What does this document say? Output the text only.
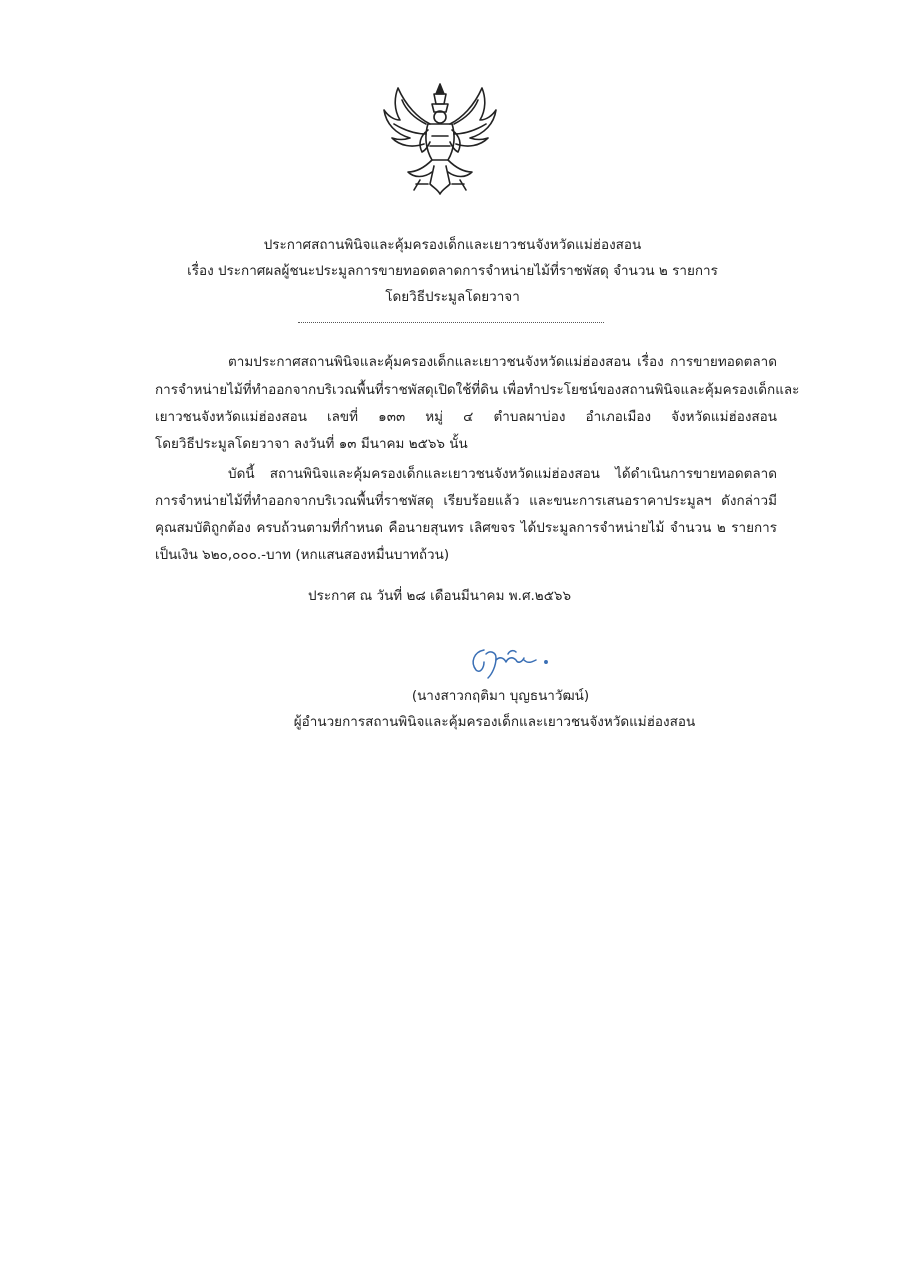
ประกาศสถานพินิจและคุ้มครองเด็กและเยาวชนจังหวัดแม่ฮ่องสอน
เรื่อง ประกาศผลผู้ชนะประมูลการขายทอดตลาดการจำหน่ายไม้ที่ราชพัสดุ จำนวน ๒ รายการ
โดยวิธีประมูลโดยวาจา
ตามประกาศสถานพินิจและคุ้มครองเด็กและเยาวชนจังหวัดแม่ฮ่องสอน เรื่อง การขายทอดตลาด
การจำหน่ายไม้ที่ทำออกจากบริเวณพื้นที่ราชพัสดุเปิดใช้ที่ดิน เพื่อทำประโยชน์ของสถานพินิจและคุ้มครองเด็กและ
เยาวชนจังหวัดแม่ฮ่องสอน เลขที่ ๑๓๓ หมู่ ๔ ตำบลผาบ่อง อำเภอเมือง จังหวัดแม่ฮ่องสอน
โดยวิธีประมูลโดยวาจา ลงวันที่ ๑๓ มีนาคม ๒๕๖๖ นั้น
บัดนี้ สถานพินิจและคุ้มครองเด็กและเยาวชนจังหวัดแม่ฮ่องสอน ได้ดำเนินการขายทอดตลาด
การจำหน่ายไม้ที่ทำออกจากบริเวณพื้นที่ราชพัสดุ เรียบร้อยแล้ว และขนะการเสนอราคาประมูลฯ ดังกล่าวมี
คุณสมบัติถูกต้อง ครบถ้วนตามที่กำหนด คือนายสุนทร เลิศขจร ได้ประมูลการจำหน่ายไม้ จำนวน ๒ รายการ
เป็นเงิน ๖๒๐,๐๐๐.-บาท (หกแสนสองหมื่นบาทถ้วน)
ประกาศ ณ วันที่ ๒๘ เดือนมีนาคม พ.ศ.๒๕๖๖
(นางสาวกฤติมา บุญธนาวัฒน์)
ผู้อำนวยการสถานพินิจและคุ้มครองเด็กและเยาวชนจังหวัดแม่ฮ่องสอน
